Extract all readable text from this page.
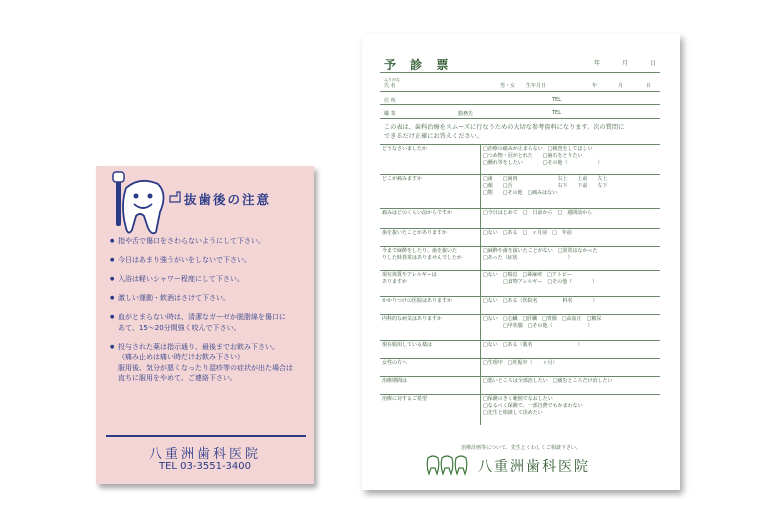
抜歯後の注意
● 指や舌で傷口をさわらないようにして下さい。
● 今日はあまり強うがいをしないで下さい。
● 入浴は軽いシャワー程度にして下さい。
● 激しい運動・飲酒はさけて下さい。
● 血がとまらない時は、清潔なガーゼか脱脂綿を傷口に
あて、15～20分間強く咬んで下さい。
● 投与された薬は指示通り、最後までお飲み下さい。
（痛み止めは痛い時だけお飲み下さい）
服用後、気分が悪くなったり湿疹等の症状が出た場合は
直ちに服用をやめて、ご連絡下さい。
八重洲歯科医院
TEL 03-3551-3400
予 診 票	年	月	日
ふりがな
氏 名	男・女 生年月日	年	月	日
住 所	TEL
職 業	勤務先	TEL
この表は、歯科治療をスムーズに行なうための大切な参考資料になります。次の質問に
できるだけ正確にお答えください。
どうなさいましたか	□治療の痛みが止まらない　□検査をしてほしい
□つめ物・冠がとれた　　□歯石をとりたい
□腫れ等をしたい　　　　□その他（　　　　　　）
どこが痛みますか	□歯　　□歯肉　　　　　　　　右上　　上前　　左上
□頬　　□舌　　　　　　　　　右下　　下前　　左下
□顎　　□その他　□痛みはない
痛みはどのくらい前からですか	□今日はじめて　□　日前から　□　週間前から
歯を抜いたことがありますか	□ない　□ある　□　ヶ月前　□　年前
今まで麻酔をしたり、歯を抜いた
りした時異常はありませんでしたか	□麻酔や歯を抜いたことがない　□異常はなかった
□あった（症状　　　　　　　　　　）
現在体質やアレルギーは
ありますか	□ない　□喘息　□蕁麻疹　□アトピー
　　　　□食物アレルギー　□その他（　　　　）
かかりつけの医院はありますか	□ない　□ある（医院名　　　　　料名　　　　）
内科的な病気はありますか	□ない　□心臓　□肝臓　□胃腸　□高血圧　□糖尿
　　　　□甲状腺　□その他（　　　　　　　）
現在服用している薬は	□ない　□ある（薬名　　　　　　　　　）
女性の方へ	□生理中　□妊娠中（　　ヶ月）
治療期間は	□悪いところは全部治したい　□痛むところだけ治したい
治療に対するご希望	□保険のきく範囲でなおしたい
□なるべく保険で、一部自費でもかまわない
□先生と相談して決めたい
治療計画等について、先生とくわしくご相談下さい。
八重洲歯科医院
